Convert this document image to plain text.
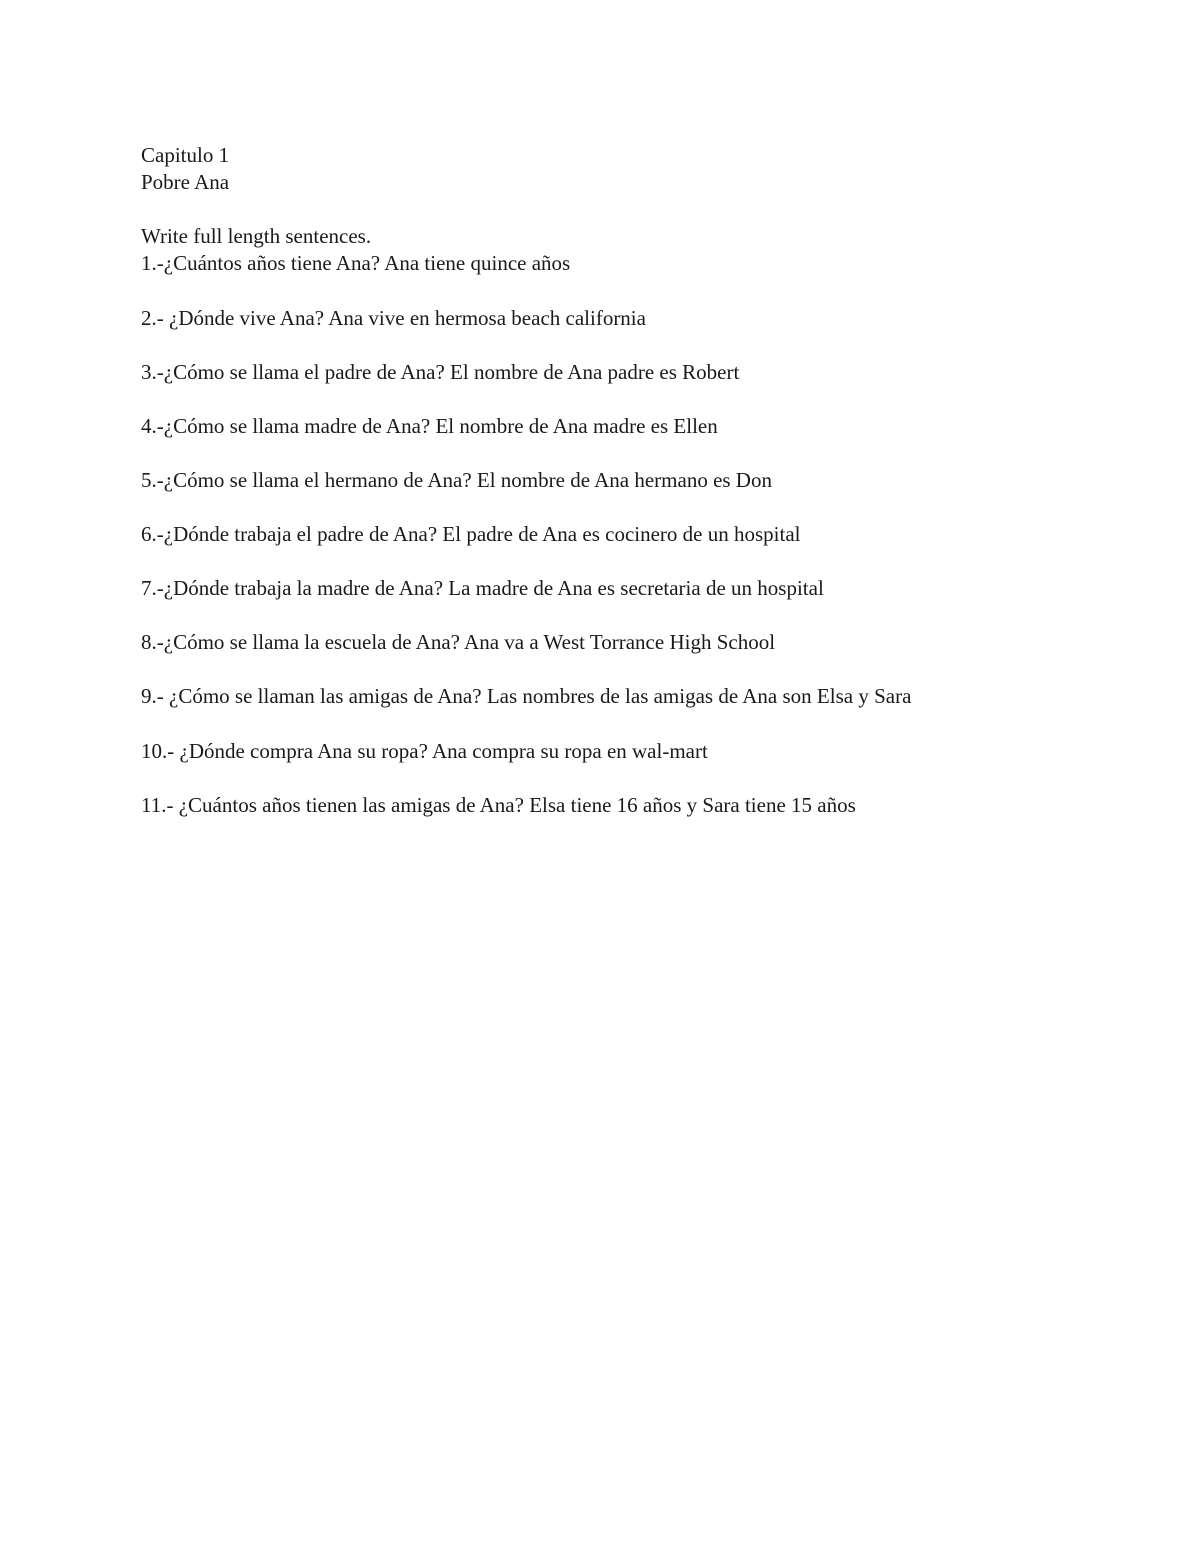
Capitulo 1
Pobre Ana
Write full length sentences.
1.-¿Cuántos años tiene Ana? Ana tiene quince años
2.- ¿Dónde vive Ana? Ana vive en hermosa beach california
3.-¿Cómo se llama el padre de Ana? El nombre de Ana padre es Robert
4.-¿Cómo se llama madre de Ana? El nombre de Ana madre es Ellen
5.-¿Cómo se llama el hermano de Ana? El nombre de Ana hermano es Don
6.-¿Dónde trabaja el padre de Ana? El padre de Ana es cocinero de un hospital
7.-¿Dónde trabaja la madre de Ana? La madre de Ana es secretaria de un hospital
8.-¿Cómo se llama la escuela de Ana? Ana va a West Torrance High School
9.- ¿Cómo se llaman las amigas de Ana? Las nombres de las amigas de Ana son Elsa y Sara
10.- ¿Dónde compra Ana su ropa? Ana compra su ropa en wal-mart
11.- ¿Cuántos años tienen las amigas de Ana? Elsa tiene 16 años y Sara tiene 15 años
